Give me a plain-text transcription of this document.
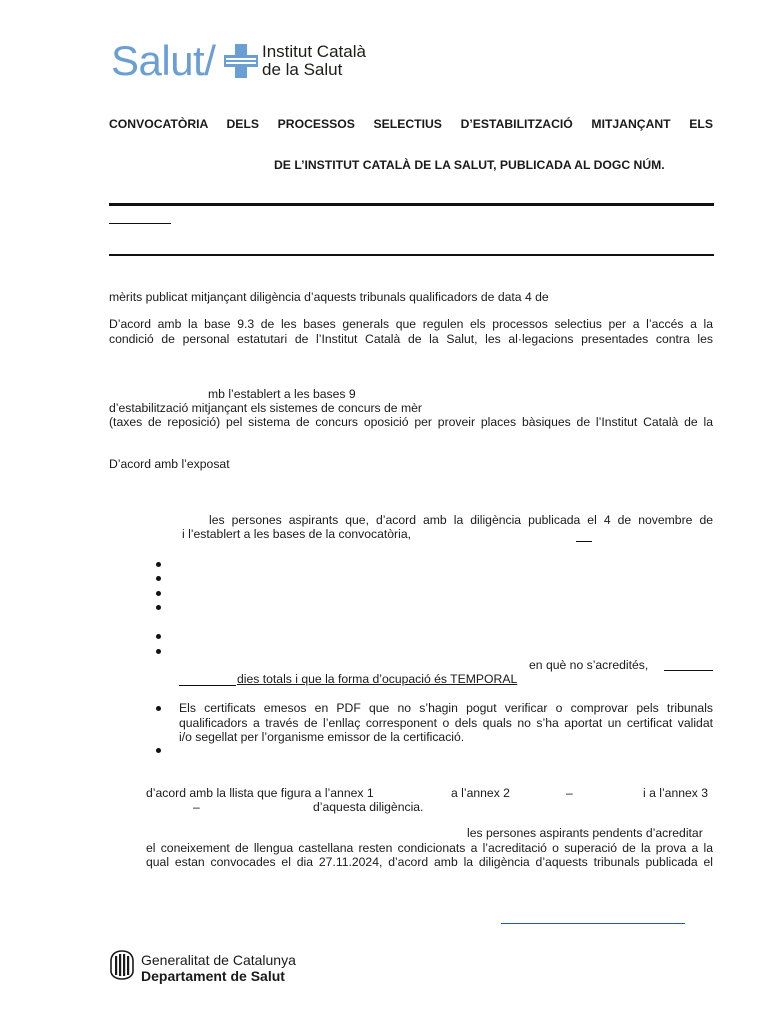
Salut/	Institut Català
de la Salut
CONVOCATÒRIA DELS PROCESSOS SELECTIUS D’ESTABILITZACIÓ MITJANÇANT ELS
DE L’INSTITUT CATALÀ DE LA SALUT, PUBLICADA AL DOGC NÚM.
mèrits publicat mitjançant diligència d’aquests tribunals qualificadors de data 4 de
D’acord amb la base 9.3 de les bases generals que regulen els processos selectius per a l’accés a la
condició de personal estatutari de l’Institut Català de la Salut, les al·legacions presentades contra les
mb l’establert a les bases 9
d’estabilització mitjançant els sistemes de concurs de mèr
(taxes de reposició) pel sistema de concurs oposició per proveir places bàsiques de l’Institut Català de la
D’acord amb l’exposat
les persones aspirants que, d’acord amb la diligència publicada el 4 de novembre de
i l’establert a les bases de la convocatòria,
en què no s’acredités,
dies totals i que la forma d’ocupació és TEMPORAL
Els certificats emesos en PDF que no s’hagin pogut verificar o comprovar pels tribunals
qualificadors a través de l’enllaç corresponent o dels quals no s’ha aportat un certificat validat
i/o segellat per l’organisme emissor de la certificació.
d’acord amb la llista que figura a l’annex 1	a l’annex 2	–	i a l’annex 3
–	d’aquesta diligència.
les persones aspirants pendents d’acreditar
el coneixement de llengua castellana resten condicionats a l’acreditació o superació de la prova a la
qual estan convocades el dia 27.11.2024, d’acord amb la diligència d’aquests tribunals publicada el
Generalitat de Catalunya
Departament de Salut
